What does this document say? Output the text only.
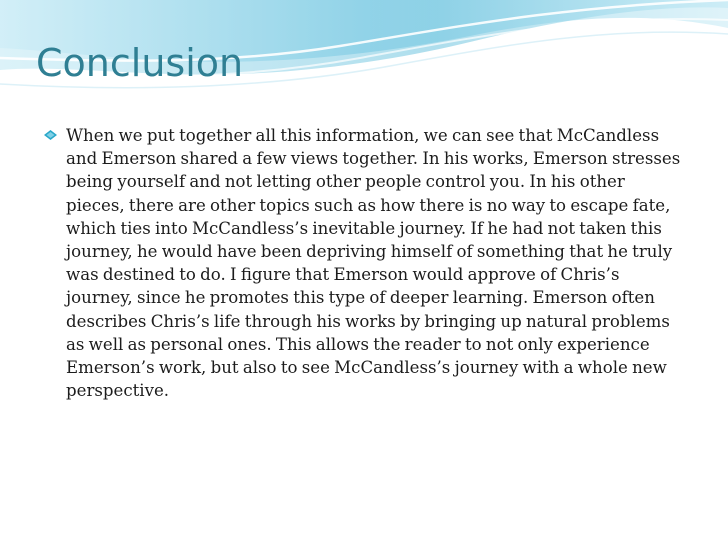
Conclusion
When we put together all this information, we can see that McCandless and Emerson shared a few views together. In his works, Emerson stresses being yourself and not letting other people control you. In his other pieces, there are other topics such as how there is no way to escape fate, which ties into McCandless’s inevitable journey. If he had not taken this journey, he would have been depriving himself of something that he truly was destined to do. I figure that Emerson would approve of Chris’s journey, since he promotes this type of deeper learning. Emerson often describes Chris’s life through his works by bringing up natural problems as well as personal ones. This allows the reader to not only experience Emerson’s work, but also to see McCandless’s journey with a whole new perspective.
